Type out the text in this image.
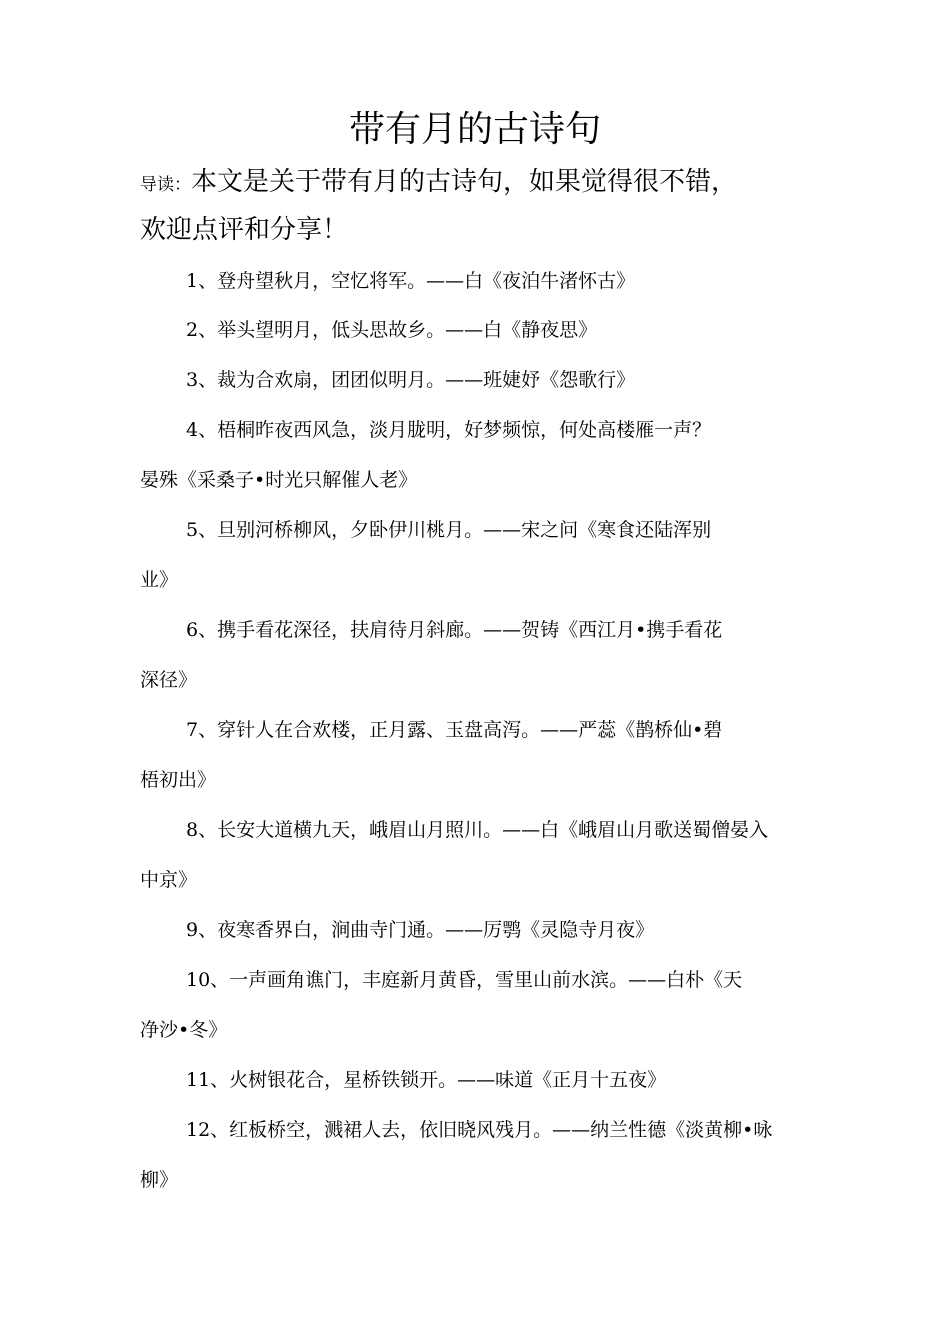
带有月的古诗句
导读：本文是关于带有月的古诗句，如果觉得很不错，
欢迎点评和分享！
1、登舟望秋月，空忆将军。——白《夜泊牛渚怀古》
2、举头望明月，低头思故乡。——白《静夜思》
3、裁为合欢扇，团团似明月。——班婕妤《怨歌行》
4、梧桐昨夜西风急，淡月胧明，好梦频惊，何处高楼雁一声？
晏殊《采桑子•时光只解催人老》
5、旦别河桥柳风，夕卧伊川桃月。——宋之问《寒食还陆浑别
业》
6、携手看花深径，扶肩待月斜廊。——贺铸《西江月•携手看花
深径》
7、穿针人在合欢楼，正月露、玉盘高泻。——严蕊《鹊桥仙•碧
梧初出》
8、长安大道横九天，峨眉山月照川。——白《峨眉山月歌送蜀僧晏入
中京》
9、夜寒香界白，涧曲寺门通。——厉鹗《灵隐寺月夜》
10、一声画角谯门，丰庭新月黄昏，雪里山前水滨。——白朴《天
净沙•冬》
11、火树银花合，星桥铁锁开。——味道《正月十五夜》
12、红板桥空，溅裙人去，依旧晓风残月。——纳兰性德《淡黄柳•咏
柳》
